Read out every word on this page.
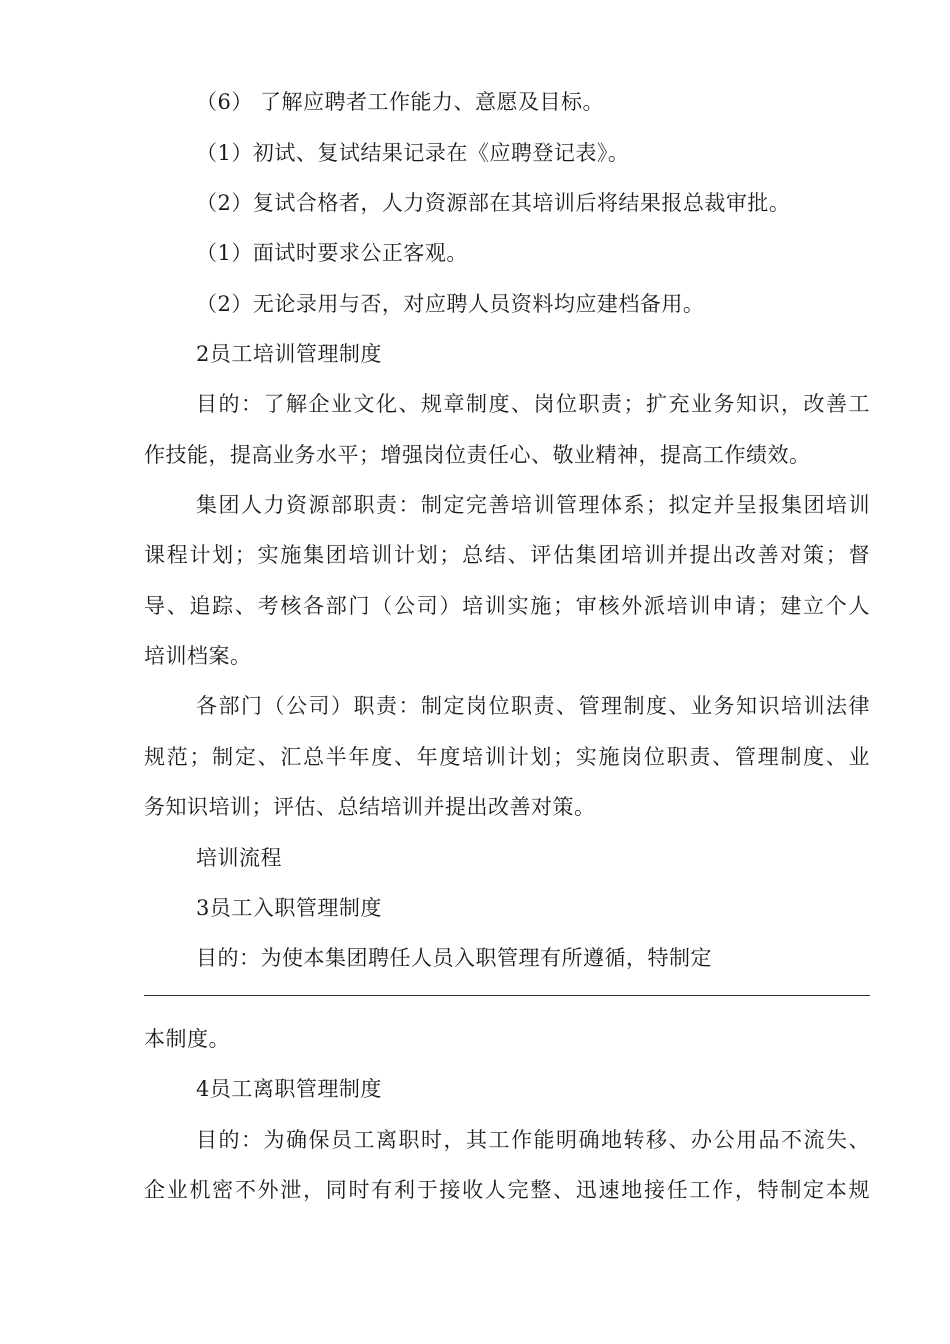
（6） 了解应聘者工作能力、意愿及目标。
（1）初试、复试结果记录在《应聘登记表》。
（2）复试合格者，人力资源部在其培训后将结果报总裁审批。
（1）面试时要求公正客观。
（2）无论录用与否，对应聘人员资料均应建档备用。
2员工培训管理制度
目的：了解企业文化、规章制度、岗位职责；扩充业务知识，改善工
作技能，提高业务水平；增强岗位责任心、敬业精神，提高工作绩效。
集团人力资源部职责：制定完善培训管理体系；拟定并呈报集团培训
课程计划；实施集团培训计划；总结、评估集团培训并提出改善对策；督
导、追踪、考核各部门（公司）培训实施；审核外派培训申请；建立个人
培训档案。
各部门（公司）职责：制定岗位职责、管理制度、业务知识培训法律
规范；制定、汇总半年度、年度培训计划；实施岗位职责、管理制度、业
务知识培训；评估、总结培训并提出改善对策。
培训流程
3员工入职管理制度
目的：为使本集团聘任人员入职管理有所遵循，特制定
本制度。
4员工离职管理制度
目的：为确保员工离职时，其工作能明确地转移、办公用品不流失、
企业机密不外泄，同时有利于接收人完整、迅速地接任工作，特制定本规
